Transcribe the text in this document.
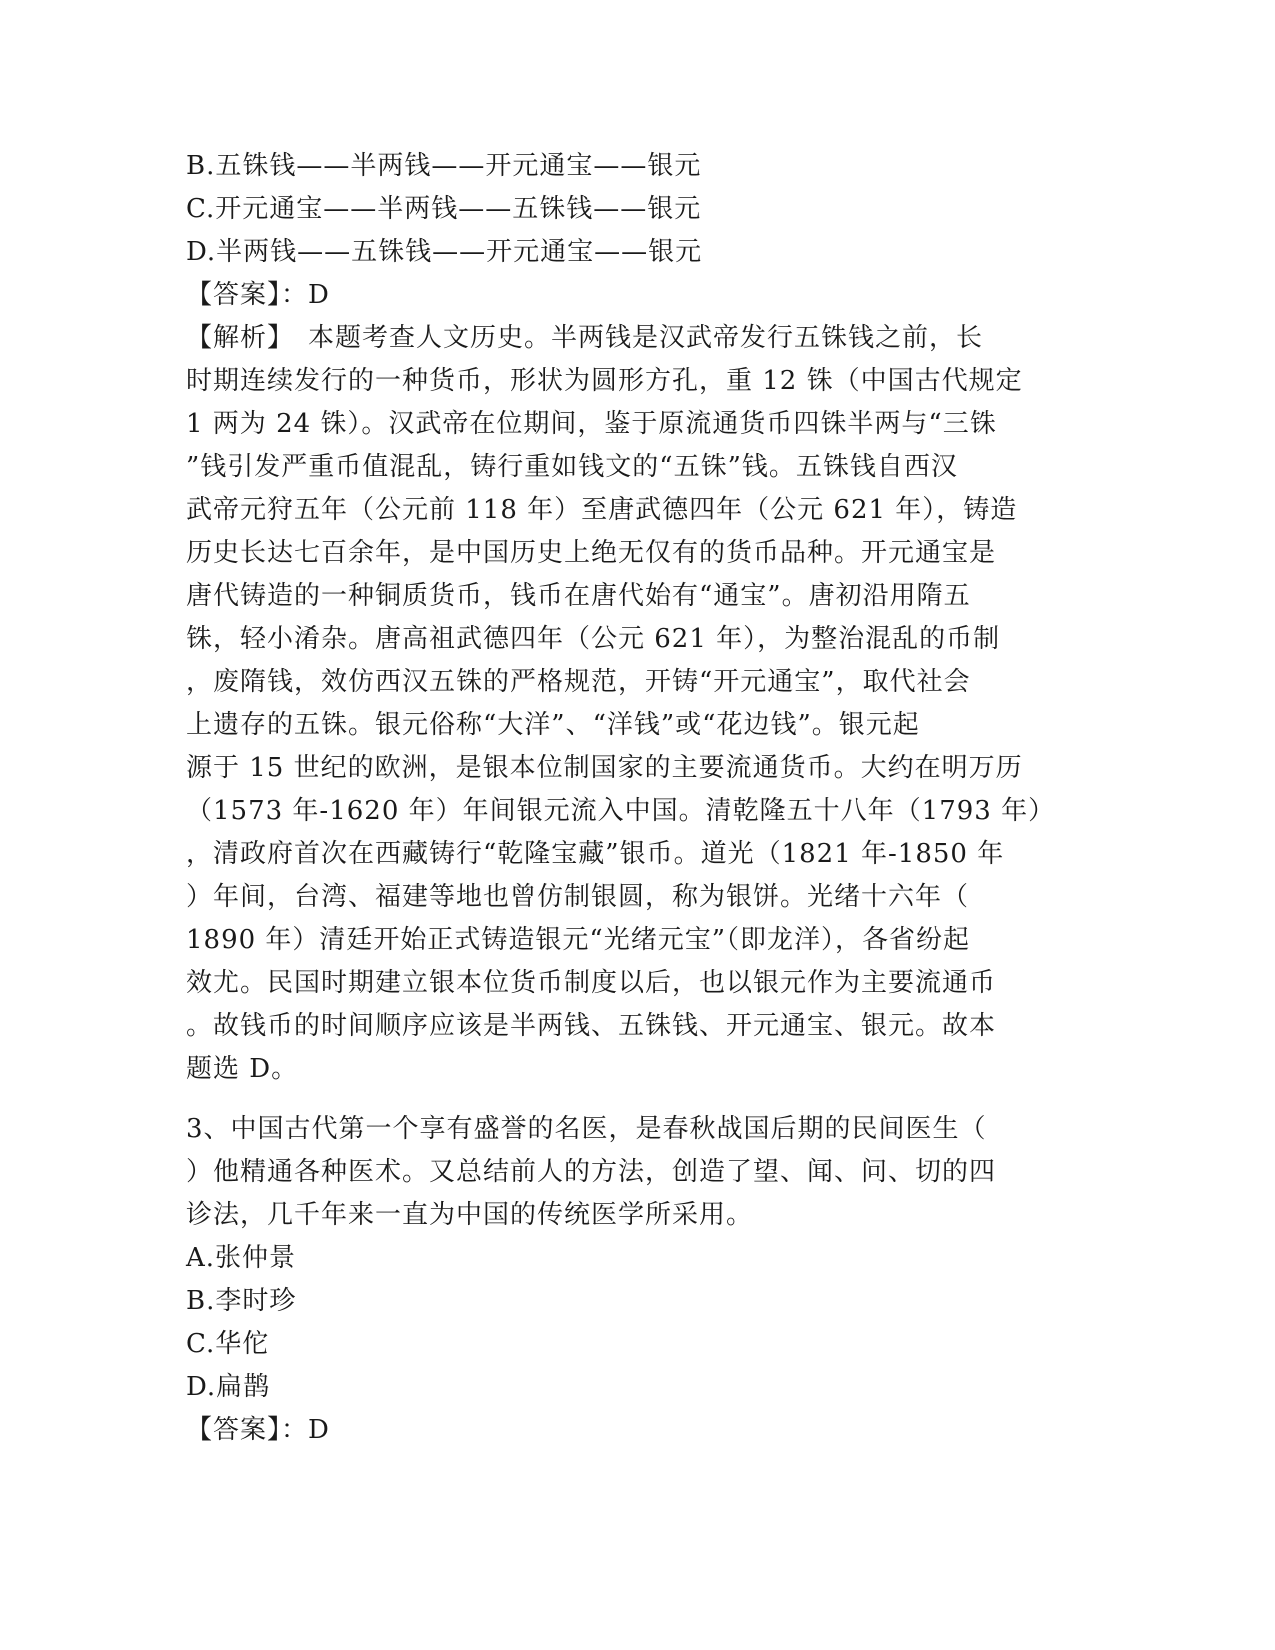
B.五铢钱——半两钱——开元通宝——银元
C.开元通宝——半两钱——五铢钱——银元
D.半两钱——五铢钱——开元通宝——银元
【答案】：D
【解析】　本题考查人文历史。半两钱是汉武帝发行五铢钱之前，长
时期连续发行的一种货币，形状为圆形方孔，重 12 铢（中国古代规定
1 两为 24 铢）。汉武帝在位期间，鉴于原流通货币四铢半两与“三铢
”钱引发严重币值混乱，铸行重如钱文的“五铢”钱。五铢钱自西汉
武帝元狩五年（公元前 118 年）至唐武德四年（公元 621 年），铸造
历史长达七百余年，是中国历史上绝无仅有的货币品种。开元通宝是
唐代铸造的一种铜质货币，钱币在唐代始有“通宝”。唐初沿用隋五
铢，轻小淆杂。唐高祖武德四年（公元 621 年），为整治混乱的币制
，废隋钱，效仿西汉五铢的严格规范，开铸“开元通宝”，取代社会
上遗存的五铢。银元俗称“大洋”、“洋钱”或“花边钱”。银元起
源于 15 世纪的欧洲，是银本位制国家的主要流通货币。大约在明万历
（1573 年-1620 年）年间银元流入中国。清乾隆五十八年（1793 年）
，清政府首次在西藏铸行“乾隆宝藏”银币。道光（1821 年-1850 年
）年间，台湾、福建等地也曾仿制银圆，称为银饼。光绪十六年（
1890 年）清廷开始正式铸造银元“光绪元宝”（即龙洋），各省纷起
效尤。民国时期建立银本位货币制度以后，也以银元作为主要流通币
。故钱币的时间顺序应该是半两钱、五铢钱、开元通宝、银元。故本
题选 D。
3、中国古代第一个享有盛誉的名医，是春秋战国后期的民间医生（
）他精通各种医术。又总结前人的方法，创造了望、闻、问、切的四
诊法，几千年来一直为中国的传统医学所采用。
A.张仲景
B.李时珍
C.华佗
D.扁鹊
【答案】：D
